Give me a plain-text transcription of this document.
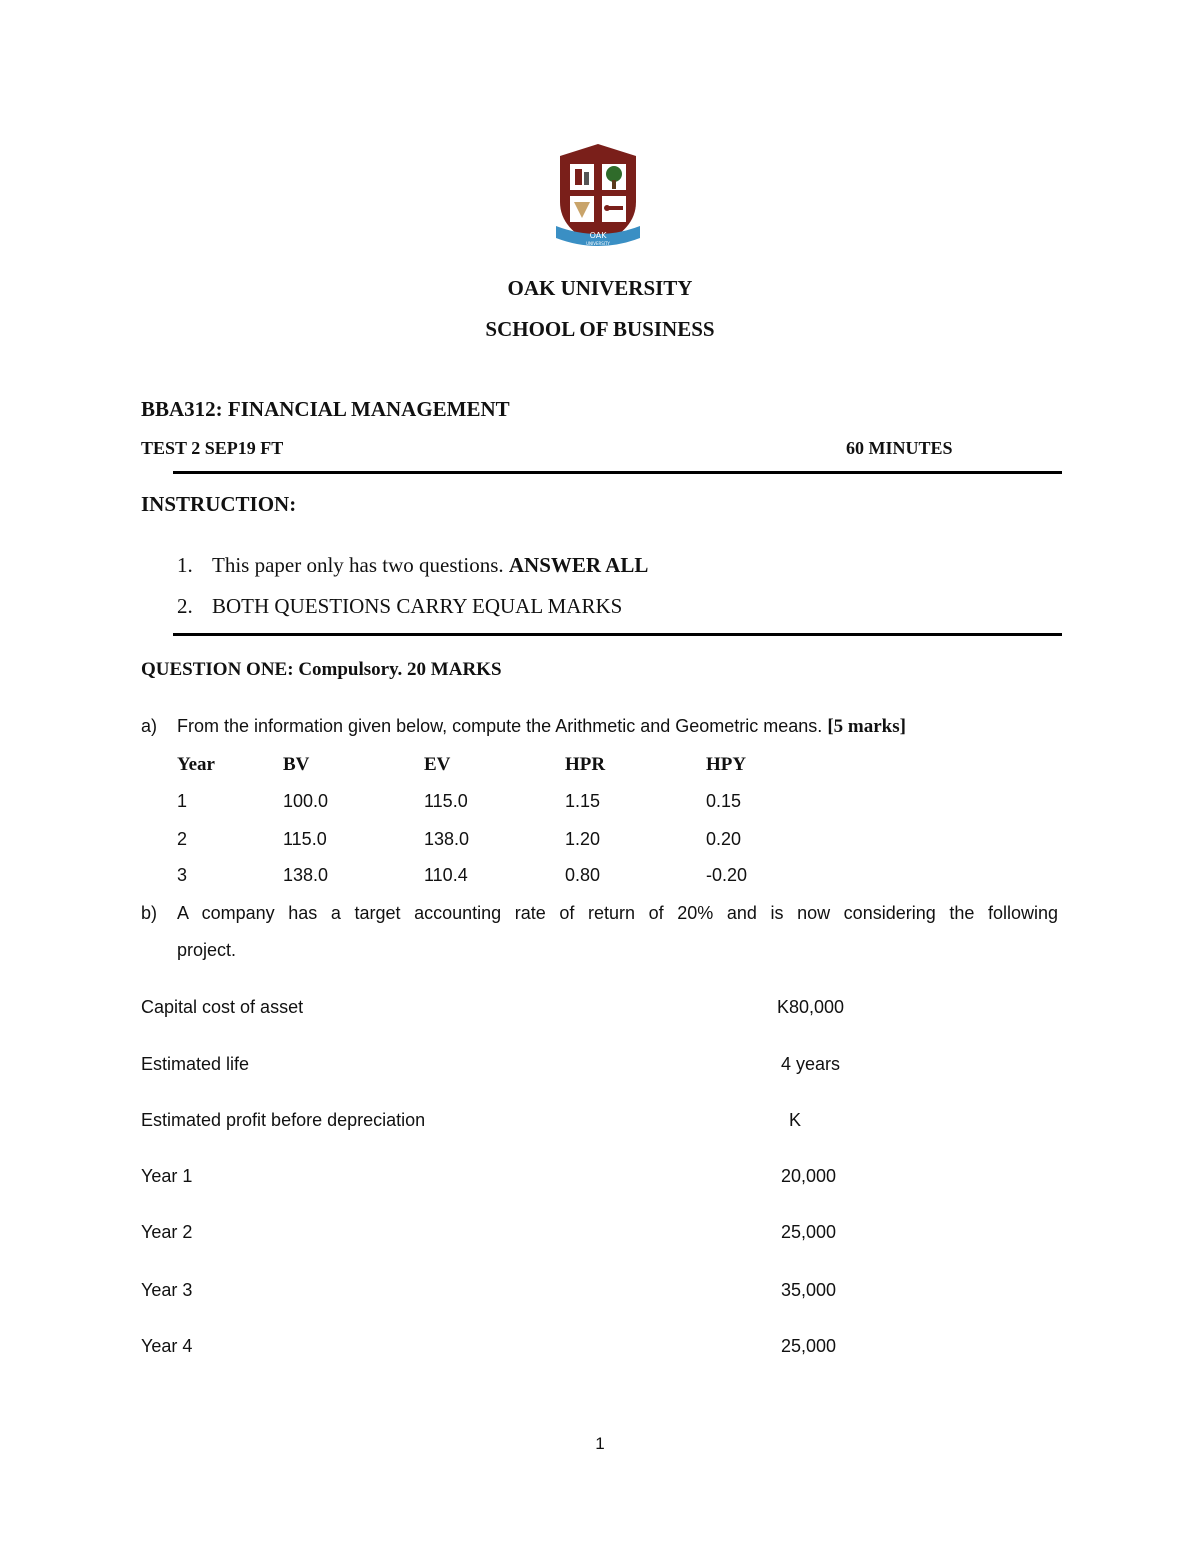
OAK
UNIVERSITY
OAK UNIVERSITY
SCHOOL OF BUSINESS
BBA312: FINANCIAL MANAGEMENT
TEST 2 SEP19 FT	60 MINUTES
INSTRUCTION:
1. This paper only has two questions. ANSWER ALL
2. BOTH QUESTIONS CARRY EQUAL MARKS
QUESTION ONE: Compulsory. 20 MARKS
a) From the information given below, compute the Arithmetic and Geometric means. [5 marks]
Year	BV	EV	HPR	HPY
1	100.0	115.0	1.15	0.15
2	115.0	138.0	1.20	0.20
3	138.0	110.4	0.80	-0.20
b) A company has a target accounting rate of return of 20% and is now considering the following
project.
Capital cost of asset	K80,000
Estimated life	4 years
Estimated profit before depreciation	K
Year 1	20,000
Year 2	25,000
Year 3	35,000
Year 4	25,000
1
